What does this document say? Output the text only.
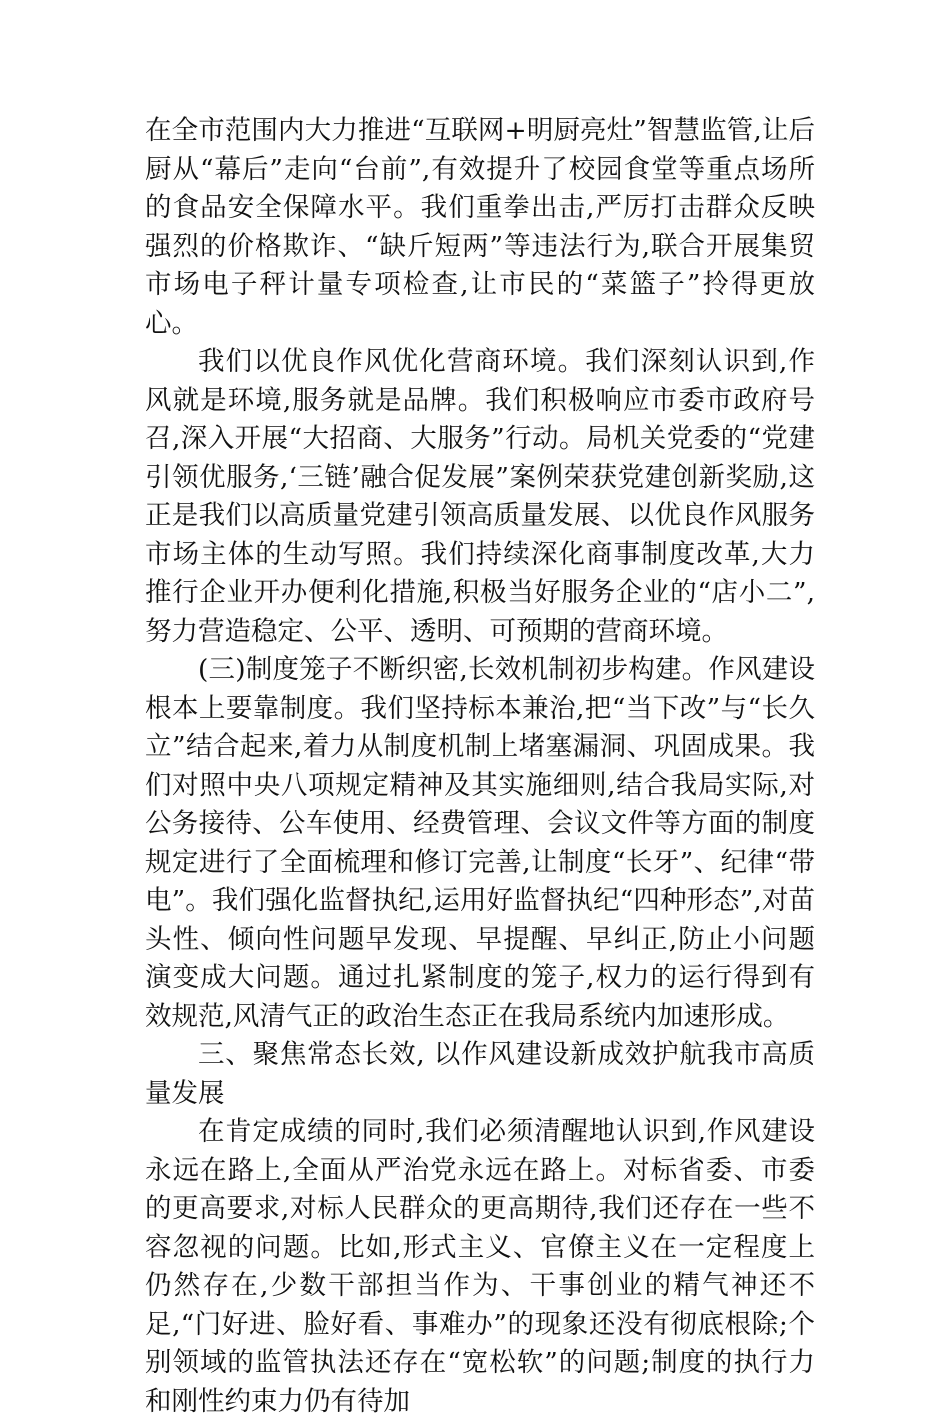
在全市范围内大力推进“互联网+明厨亮灶”智慧监管,让后厨从“幕后”走向“台前”,有效提升了校园食堂等重点场所的食品安全保障水平。我们重拳出击,严厉打击群众反映强烈的价格欺诈、“缺斤短两”等违法行为,联合开展集贸市场电子秤计量专项检查,让市民的“菜篮子”拎得更放心。

我们以优良作风优化营商环境。我们深刻认识到,作风就是环境,服务就是品牌。我们积极响应市委市政府号召,深入开展“大招商、大服务”行动。局机关党委的“党建引领优服务,‘三链’融合促发展”案例荣获党建创新奖励,这正是我们以高质量党建引领高质量发展、以优良作风服务市场主体的生动写照。我们持续深化商事制度改革,大力推行企业开办便利化措施,积极当好服务企业的“店小二”,努力营造稳定、公平、透明、可预期的营商环境。

(三)制度笼子不断织密,长效机制初步构建。作风建设根本上要靠制度。我们坚持标本兼治,把“当下改”与“长久立”结合起来,着力从制度机制上堵塞漏洞、巩固成果。我们对照中央八项规定精神及其实施细则,结合我局实际,对公务接待、公车使用、经费管理、会议文件等方面的制度规定进行了全面梳理和修订完善,让制度“长牙”、纪律“带电”。我们强化监督执纪,运用好监督执纪“四种形态”,对苗头性、倾向性问题早发现、早提醒、早纠正,防止小问题演变成大问题。通过扎紧制度的笼子,权力的运行得到有效规范,风清气正的政治生态正在我局系统内加速形成。

三、聚焦常态长效, 以作风建设新成效护航我市高质量发展

在肯定成绩的同时,我们必须清醒地认识到,作风建设永远在路上,全面从严治党永远在路上。对标省委、市委的更高要求,对标人民群众的更高期待,我们还存在一些不容忽视的问题。比如,形式主义、官僚主义在一定程度上仍然存在,少数干部担当作为、干事创业的精气神还不足,“门好进、脸好看、事难办”的现象还没有彻底根除;个别领域的监管执法还存在“宽松软”的问题;制度的执行力和刚性约束力仍有待加
